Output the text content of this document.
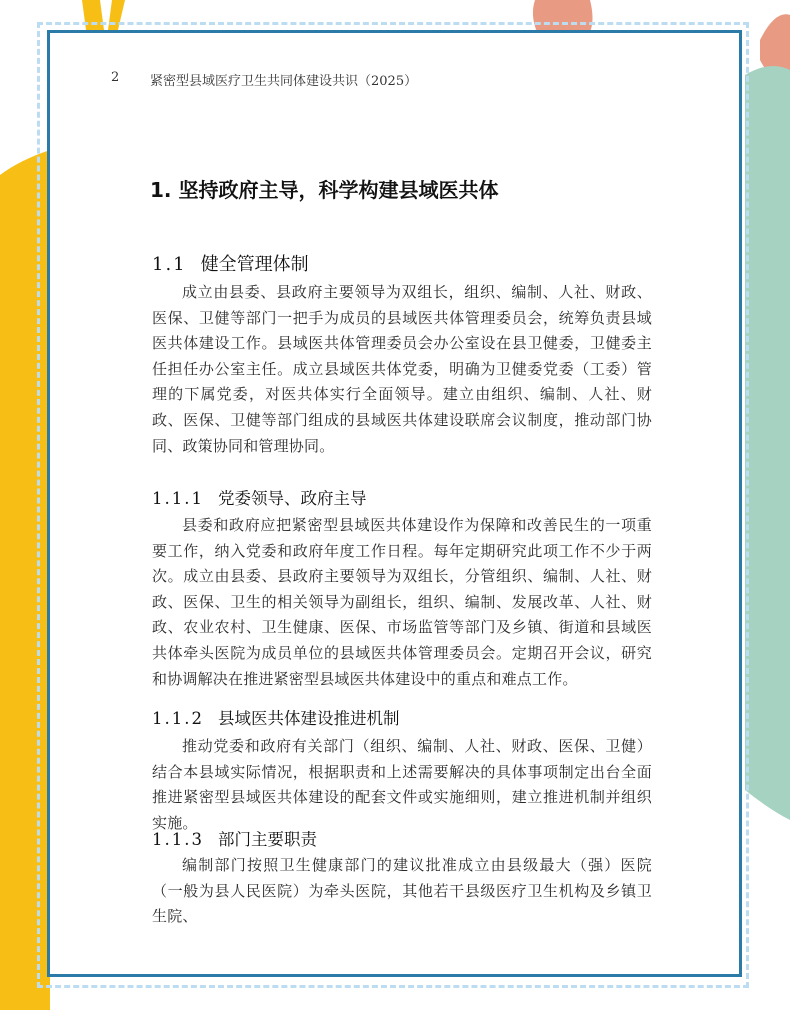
2 紧密型县域医疗卫生共同体建设共识（2025）
1. 坚持政府主导，科学构建县域医共体
1.1 健全管理体制

成立由县委、县政府主要领导为双组长，组织、编制、人社、财政、医保、卫健等部门一把手为成员的县域医共体管理委员会，统筹负责县域医共体建设工作。县域医共体管理委员会办公室设在县卫健委，卫健委主任担任办公室主任。成立县域医共体党委，明确为卫健委党委（工委）管理的下属党委，对医共体实行全面领导。建立由组织、编制、人社、财政、医保、卫健等部门组成的县域医共体建设联席会议制度，推动部门协同、政策协同和管理协同。

1.1.1 党委领导、政府主导

县委和政府应把紧密型县域医共体建设作为保障和改善民生的一项重要工作，纳入党委和政府年度工作日程。每年定期研究此项工作不少于两次。成立由县委、县政府主要领导为双组长，分管组织、编制、人社、财政、医保、卫生的相关领导为副组长，组织、编制、发展改革、人社、财政、农业农村、卫生健康、医保、市场监管等部门及乡镇、街道和县域医共体牵头医院为成员单位的县域医共体管理委员会。定期召开会议，研究和协调解决在推进紧密型县域医共体建设中的重点和难点工作。

1.1.2 县域医共体建设推进机制

推动党委和政府有关部门（组织、编制、人社、财政、医保、卫健）结合本县域实际情况，根据职责和上述需要解决的具体事项制定出台全面推进紧密型县域医共体建设的配套文件或实施细则，建立推进机制并组织实施。

1.1.3 部门主要职责

编制部门按照卫生健康部门的建议批准成立由县级最大（强）医院（一般为县人民医院）为牵头医院，其他若干县级医疗卫生机构及乡镇卫生院、
